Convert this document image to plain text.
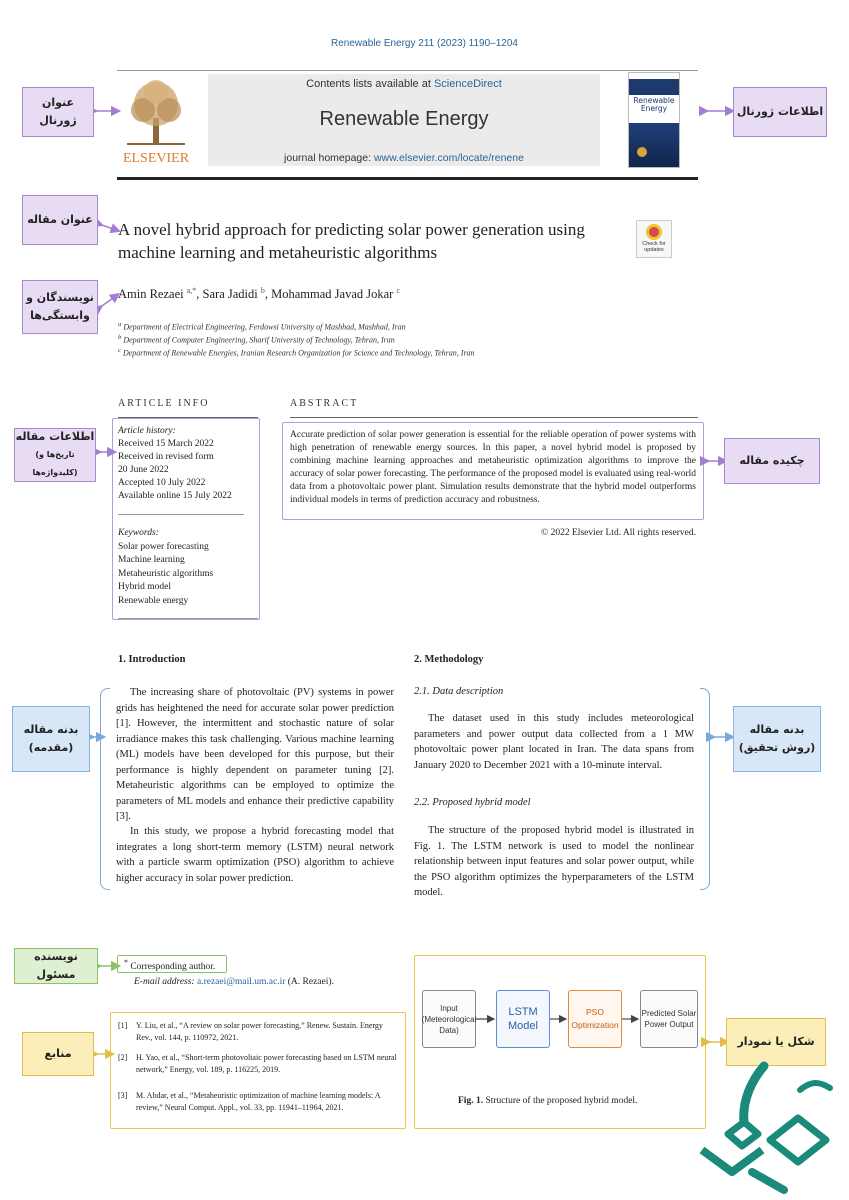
Renewable Energy 211 (2023) 1190–1204
ELSEVIER
Contents lists available at ScienceDirect
Renewable Energy
journal homepage: www.elsevier.com/locate/renene
Renewable Energy
A novel hybrid approach for predicting solar power generation using machine learning and metaheuristic algorithms	Check for updates
Amin Rezaei $^{a,*}$, Sara Jadidi $^b$, Mohammad Javad Jokar $^c$
$^a$ Department of Electrical Engineering, Ferdowsi University of Mashhad, Mashhad, Iran
$^b$ Department of Computer Engineering, Sharif University of Technology, Tehran, Iran
$^c$ Department of Renewable Energies, Iranian Research Organization for Science and Technology, Tehran, Iran
ARTICLE INFO	ABSTRACT
Article history:
Received 15 March 2022
Received in revised form
20 June 2022
Accepted 10 July 2022
Available online 15 July 2022
Keywords:
Solar power forecasting
Machine learning
Metaheuristic algorithms
Hybrid model
Renewable energy
Accurate prediction of solar power generation is essential for the reliable operation of power systems with high penetration of renewable energy sources. In this paper, a novel hybrid model is proposed by combining machine learning approaches and metaheuristic optimization algorithms to improve the accuracy of solar power forecasting. The performance of the proposed model is evaluated using real-world data from a photovoltaic power plant. Simulation results demonstrate that the hybrid model outperforms individual models in terms of prediction accuracy and robustness.
© 2022 Elsevier Ltd. All rights reserved.
1. Introduction	2. Methodology
The increasing share of photovoltaic (PV) systems in power grids has heightened the need for accurate solar power prediction [1]. However, the intermittent and stochastic nature of solar irradiance makes this task challenging. Various machine learning (ML) models have been developed for this purpose, but their performance is highly dependent on parameter tuning [2]. Metaheuristic algorithms can be employed to optimize the parameters of ML models and enhance their predictive capability [3].
In this study, we propose a hybrid forecasting model that integrates a long short-term memory (LSTM) neural network with a particle swarm optimization (PSO) algorithm to achieve higher accuracy in solar power prediction.
2.1. Data description
The dataset used in this study includes meteorological parameters and power output data collected from a 1 MW photovoltaic power plant located in Iran. The data spans from January 2020 to December 2021 with a 10-minute interval.
2.2. Proposed hybrid model
The structure of the proposed hybrid model is illustrated in Fig. 1. The LSTM network is used to model the nonlinear relationship between input features and solar power output, while the PSO algorithm optimizes the hyperparameters of the LSTM model.
* Corresponding author.
E-mail address: a.rezaei@mail.um.ac.ir (A. Rezaei).
[1]	Y. Liu, et al., “A review on solar power forecasting,” Renew. Sustain. Energy Rev., vol. 144, p. 110972, 2021.
[2]	H. Yao, et al., “Short-term photovoltaic power forecasting based on LSTM neural network,” Energy, vol. 189, p. 116225, 2019.
[3]	M. Abdar, et al., “Metaheuristic optimization of machine learning models: A review,” Neural Comput. Appl., vol. 33, pp. 11941–11964, 2021.
Input (Meteorological Data)
LSTM Model
PSO Optimization
Predicted Solar Power Output
Fig. 1. Structure of the proposed hybrid model.
عنوان ژورنال
اطلاعات ژورنال
عنوان مقاله
نویسندگان و
وابستگی‌ها
اطلاعات مقاله
(تاریخ‌ها و کلیدواژه‌ها)
چکیده مقاله
بدنه مقاله
(مقدمه)
بدنه مقاله
(روش تحقیق)
نویسنده مسئول
منابع
شکل یا نمودار
